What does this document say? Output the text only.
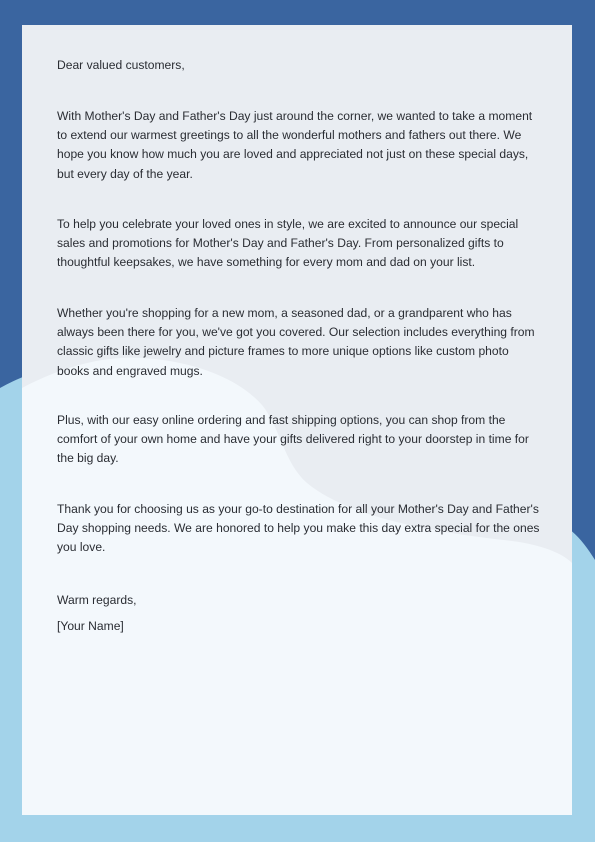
Dear valued customers,

With Mother's Day and Father's Day just around the corner, we wanted to take a moment to extend our warmest greetings to all the wonderful mothers and fathers out there. We hope you know how much you are loved and appreciated not just on these special days, but every day of the year.

To help you celebrate your loved ones in style, we are excited to announce our special sales and promotions for Mother's Day and Father's Day. From personalized gifts to thoughtful keepsakes, we have something for every mom and dad on your list.

Whether you're shopping for a new mom, a seasoned dad, or a grandparent who has always been there for you, we've got you covered. Our selection includes everything from classic gifts like jewelry and picture frames to more unique options like custom photo books and engraved mugs.

Plus, with our easy online ordering and fast shipping options, you can shop from the comfort of your own home and have your gifts delivered right to your doorstep in time for the big day.

Thank you for choosing us as your go-to destination for all your Mother's Day and Father's Day shopping needs. We are honored to help you make this day extra special for the ones you love.

Warm regards,

[Your Name]
